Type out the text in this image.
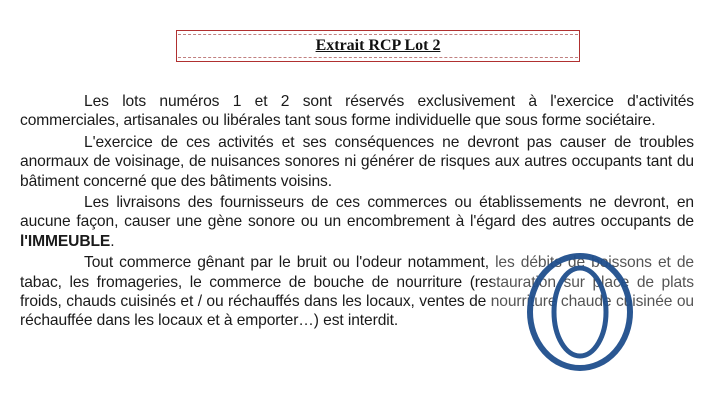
Extrait RCP Lot 2

Les lots numéros 1 et 2 sont réservés exclusivement à l'exercice d'activités commerciales, artisanales ou libérales tant sous forme individuelle que sous forme sociétaire.

L'exercice de ces activités et ses conséquences ne devront pas causer de troubles anormaux de voisinage, de nuisances sonores ni générer de risques aux autres occupants tant du bâtiment concerné que des bâtiments voisins.

Les livraisons des fournisseurs de ces commerces ou établissements ne devront, en aucune façon, causer une gène sonore ou un encombrement à l'égard des autres occupants de l'IMMEUBLE.

Tout commerce gênant par le bruit ou l'odeur notamment, les débits de boissons et de tabac, les fromageries, le commerce de bouche de nourriture (restauration sur place de plats froids, chauds cuisinés et / ou réchauffés dans les locaux, ventes de nourriture chaude cuisinée ou réchauffée dans les locaux et à emporter…) est interdit.
